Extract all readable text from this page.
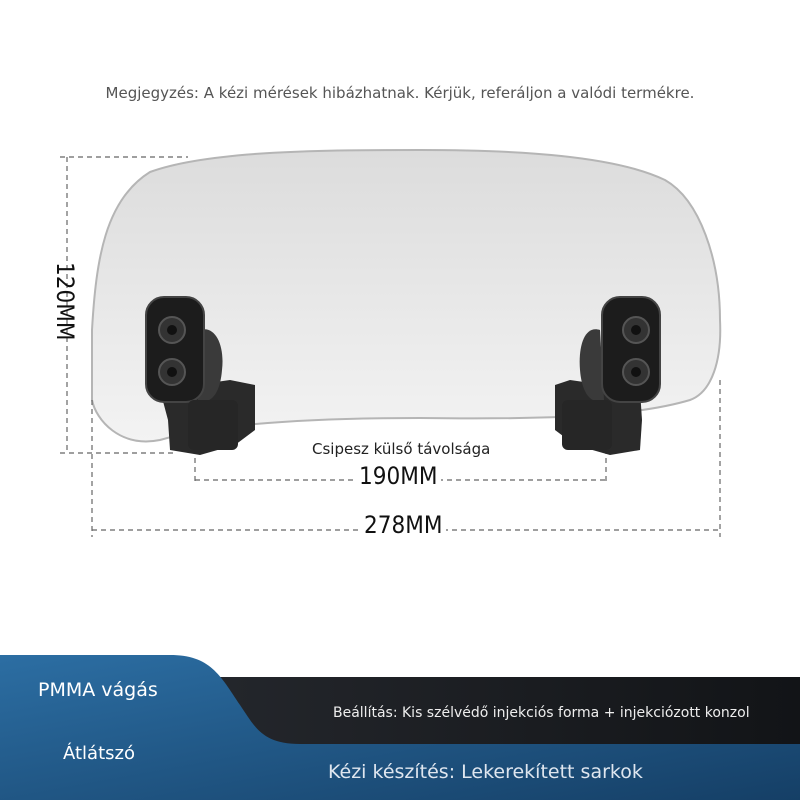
Megjegyzés: A kézi mérések hibázhatnak. Kérjük, referáljon a valódi termékre.
120MM
Csipesz külső távolsága
190MM
278MM
PMMA vágás
Átlátszó
Beállítás: Kis szélvédő injekciós forma + injekciózott konzol
Kézi készítés: Lekerekített sarkok
